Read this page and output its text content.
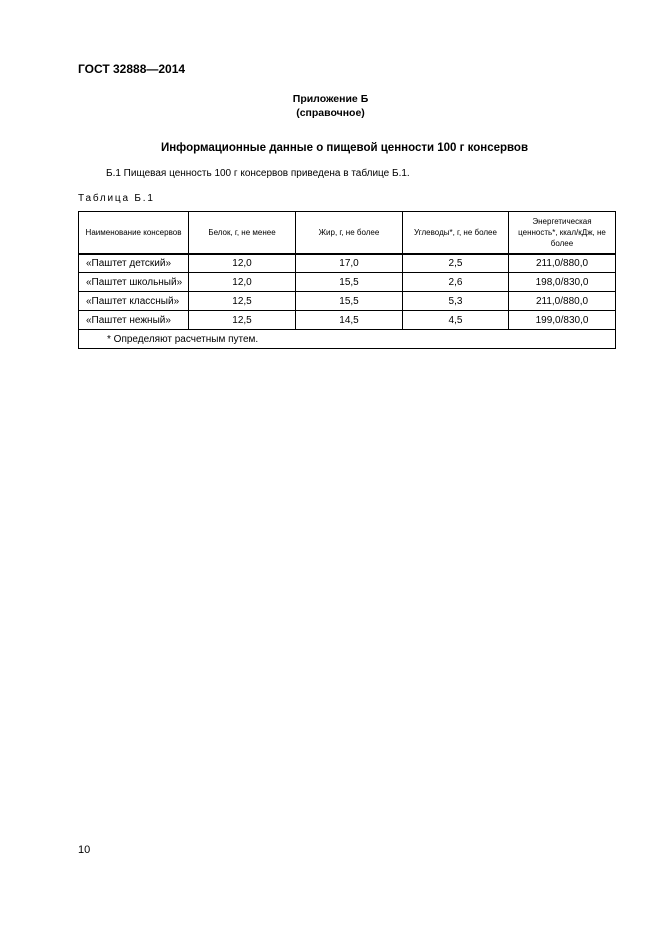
ГОСТ 32888—2014
Приложение Б
(справочное)
Информационные данные о пищевой ценности 100 г консервов
Б.1 Пищевая ценность 100 г консервов приведена в таблице Б.1.
Таблица Б.1
Наименование консервов	Белок, г, не менее	Жир, г, не более	Углеводы*, г, не более	Энергетическая ценность*, ккал/кДж, не более
«Паштет детский»	12,0	17,0	2,5	211,0/880,0
«Паштет школьный»	12,0	15,5	2,6	198,0/830,0
«Паштет классный»	12,5	15,5	5,3	211,0/880,0
«Паштет нежный»	12,5	14,5	4,5	199,0/830,0
* Определяют расчетным путем.				
10
